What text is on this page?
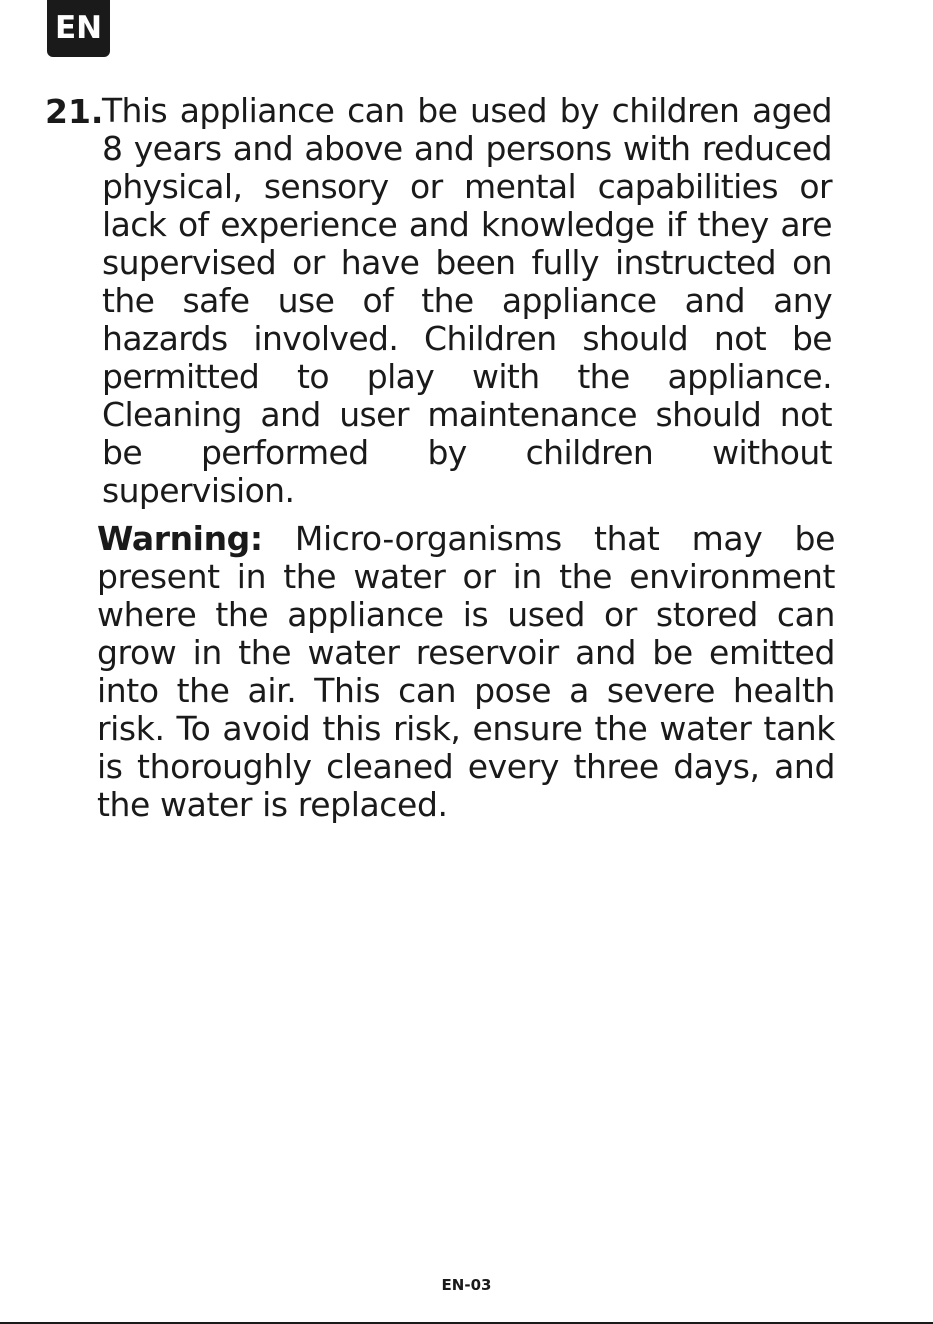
EN
21.
This appliance can be used by children aged 8 years and above and persons with reduced physical, sensory or mental capabilities or lack of experience and knowledge if they are supervised or have been fully instructed on the safe use of the appliance and any hazards involved. Children should not be permitted to play with the appliance. Cleaning and user maintenance should not be performed by children without supervision.
Warning: Micro-organisms that may be present in the water or in the environment where the appliance is used or stored can grow in the water reservoir and be emitted into the air. This can pose a severe health risk. To avoid this risk, ensure the water tank is thoroughly cleaned every three days, and the water is replaced.
EN-03
